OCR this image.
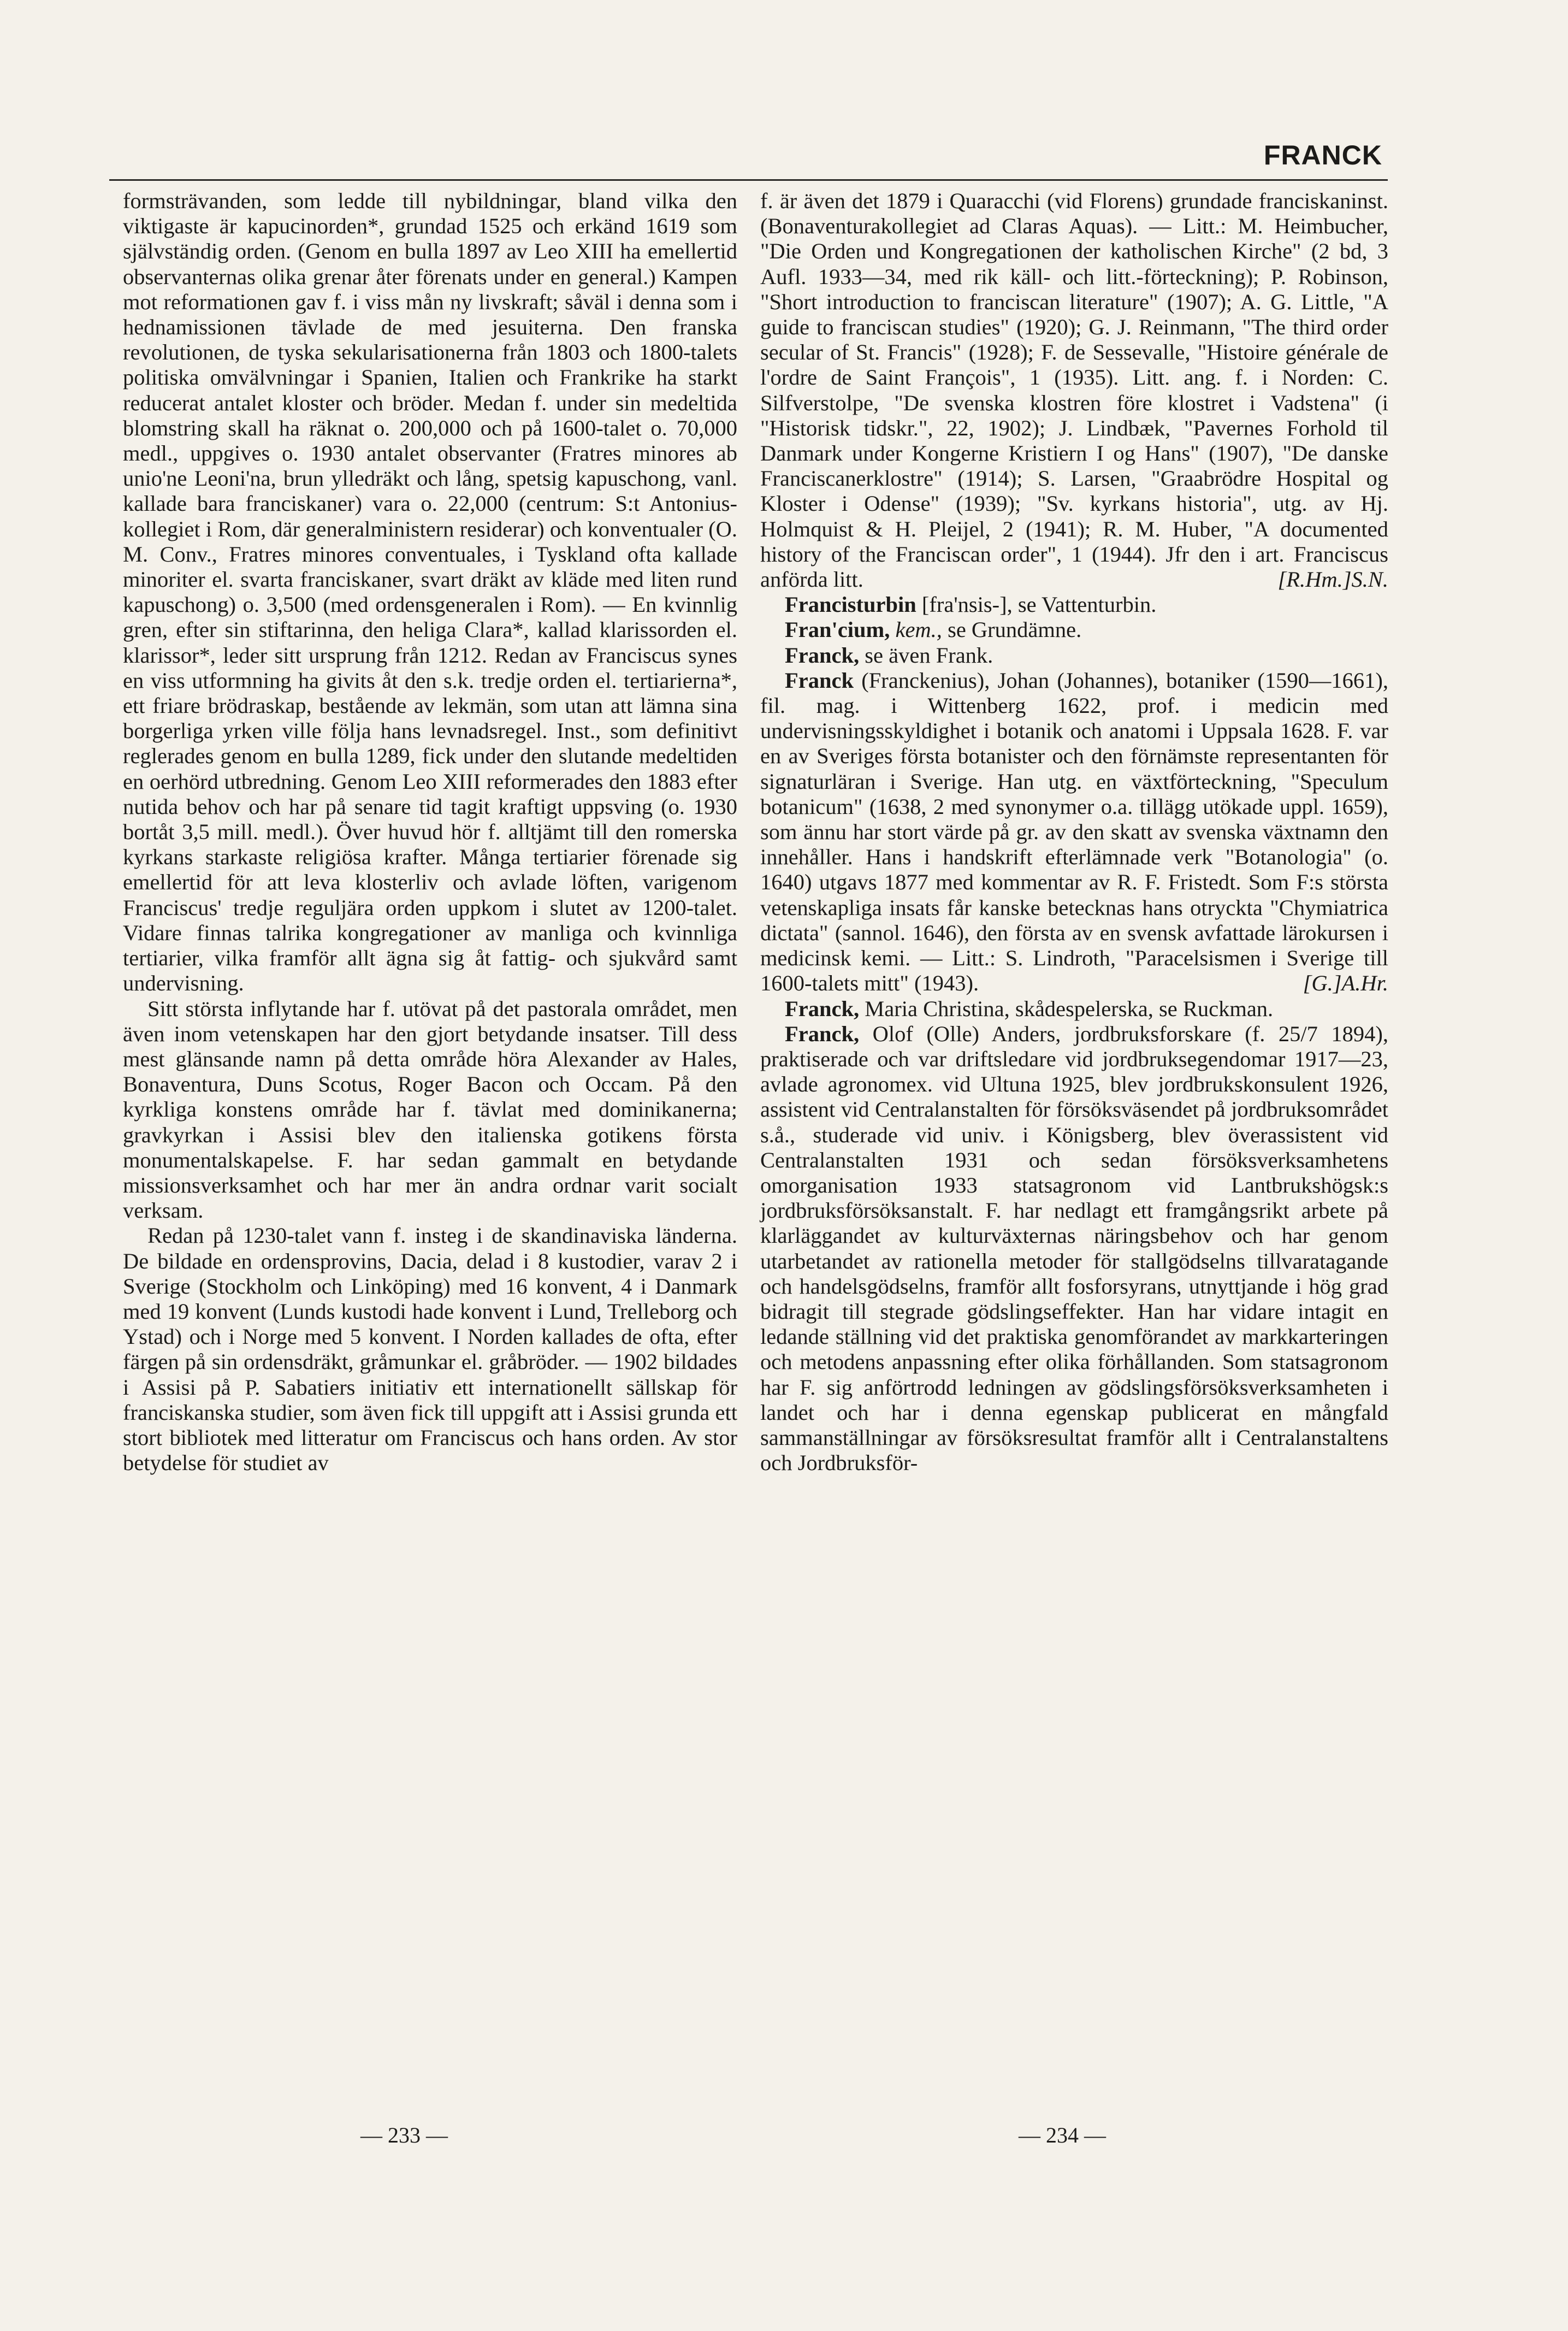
FRANCK

formsträvanden, som ledde till nybildningar, bland vilka den viktigaste är kapucinorden*, grundad 1525 och erkänd 1619 som självständig orden. (Genom en bulla 1897 av Leo XIII ha emellertid observanternas olika grenar åter förenats under en general.) Kampen mot reformationen gav f. i viss mån ny livskraft; såväl i denna som i hednamissionen tävlade de med jesuiterna. Den franska revolutionen, de tyska sekularisationerna från 1803 och 1800-talets politiska omvälvningar i Spanien, Italien och Frankrike ha starkt reducerat antalet kloster och bröder. Medan f. under sin medeltida blomstring skall ha räknat o. 200,000 och på 1600-talet o. 70,000 medl., uppgives o. 1930 antalet observanter (Fratres minores ab unio'ne Leoni'na, brun ylledräkt och lång, spetsig kapuschong, vanl. kallade bara franciskaner) vara o. 22,000 (centrum: S:t Antonius-kollegiet i Rom, där generalministern residerar) och konventualer (O. M. Conv., Fratres minores conventuales, i Tyskland ofta kallade minoriter el. svarta franciskaner, svart dräkt av kläde med liten rund kapuschong) o. 3,500 (med ordensgeneralen i Rom). — En kvinnlig gren, efter sin stiftarinna, den heliga Clara*, kallad klarissorden el. klarissor*, leder sitt ursprung från 1212. Redan av Franciscus synes en viss utformning ha givits åt den s.k. tredje orden el. tertiarierna*, ett friare brödraskap, bestående av lekmän, som utan att lämna sina borgerliga yrken ville följa hans levnadsregel. Inst., som definitivt reglerades genom en bulla 1289, fick under den slutande medeltiden en oerhörd utbredning. Genom Leo XIII reformerades den 1883 efter nutida behov och har på senare tid tagit kraftigt uppsving (o. 1930 bortåt 3,5 mill. medl.). Över huvud hör f. alltjämt till den romerska kyrkans starkaste religiösa krafter. Många tertiarier förenade sig emellertid för att leva klosterliv och avlade löften, varigenom Franciscus' tredje reguljära orden uppkom i slutet av 1200-talet. Vidare finnas talrika kongregationer av manliga och kvinnliga tertiarier, vilka framför allt ägna sig åt fattig- och sjukvård samt undervisning.

Sitt största inflytande har f. utövat på det pastorala området, men även inom vetenskapen har den gjort betydande insatser. Till dess mest glänsande namn på detta område höra Alexander av Hales, Bonaventura, Duns Scotus, Roger Bacon och Occam. På den kyrkliga konstens område har f. tävlat med dominikanerna; gravkyrkan i Assisi blev den italienska gotikens första monumentalskapelse. F. har sedan gammalt en betydande missionsverksamhet och har mer än andra ordnar varit socialt verksam.

Redan på 1230-talet vann f. insteg i de skandinaviska länderna. De bildade en ordensprovins, Dacia, delad i 8 kustodier, varav 2 i Sverige (Stockholm och Linköping) med 16 konvent, 4 i Danmark med 19 konvent (Lunds kustodi hade konvent i Lund, Trelleborg och Ystad) och i Norge med 5 konvent. I Norden kallades de ofta, efter färgen på sin ordensdräkt, gråmunkar el. gråbröder. — 1902 bildades i Assisi på P. Sabatiers initiativ ett internationellt sällskap för franciskanska studier, som även fick till uppgift att i Assisi grunda ett stort bibliotek med litteratur om Franciscus och hans orden. Av stor betydelse för studiet av

f. är även det 1879 i Quaracchi (vid Florens) grundade franciskaninst. (Bonaventurakollegiet ad Claras Aquas). — Litt.: M. Heimbucher, "Die Orden und Kongregationen der katholischen Kirche" (2 bd, 3 Aufl. 1933—34, med rik käll- och litt.-förteckning); P. Robinson, "Short introduction to franciscan literature" (1907); A. G. Little, "A guide to franciscan studies" (1920); G. J. Reinmann, "The third order secular of St. Francis" (1928); F. de Sessevalle, "Histoire générale de l'ordre de Saint François", 1 (1935). Litt. ang. f. i Norden: C. Silfverstolpe, "De svenska klostren före klostret i Vadstena" (i "Historisk tidskr.", 22, 1902); J. Lindbæk, "Pavernes Forhold til Danmark under Kongerne Kristiern I og Hans" (1907), "De danske Franciscanerklostre" (1914); S. Larsen, "Graabrödre Hospital og Kloster i Odense" (1939); "Sv. kyrkans historia", utg. av Hj. Holmquist & H. Pleijel, 2 (1941); R. M. Huber, "A documented history of the Franciscan order", 1 (1944). Jfr den i art. Franciscus anförda litt.	[R.Hm.]S.N.

Francisturbin [fra'nsis-], se Vattenturbin.

Fran'cium, kem., se Grundämne.

Franck, se även Frank.

Franck (Franckenius), Johan (Johannes), botaniker (1590—1661), fil. mag. i Wittenberg 1622, prof. i medicin med undervisningsskyldighet i botanik och anatomi i Uppsala 1628. F. var en av Sveriges första botanister och den förnämste representanten för signaturläran i Sverige. Han utg. en växtförteckning, "Speculum botanicum" (1638, 2 med synonymer o.a. tillägg utökade uppl. 1659), som ännu har stort värde på gr. av den skatt av svenska växtnamn den innehåller. Hans i handskrift efterlämnade verk "Botanologia" (o. 1640) utgavs 1877 med kommentar av R. F. Fristedt. Som F:s största vetenskapliga insats får kanske betecknas hans otryckta "Chymiatrica dictata" (sannol. 1646), den första av en svensk avfattade lärokursen i medicinsk kemi. — Litt.: S. Lindroth, "Paracelsismen i Sverige till 1600-talets mitt" (1943).	[G.]A.Hr.

Franck, Maria Christina, skådespelerska, se Ruckman.

Franck, Olof (Olle) Anders, jordbruksforskare (f. 25/7 1894), praktiserade och var driftsledare vid jordbruksegendomar 1917—23, avlade agronomex. vid Ultuna 1925, blev jordbrukskonsulent 1926, assistent vid Centralanstalten för försöksväsendet på jordbruksområdet s.å., studerade vid univ. i Königsberg, blev överassistent vid Centralanstalten 1931 och sedan försöksverksamhetens omorganisation 1933 statsagronom vid Lantbrukshögsk:s jordbruksförsöksanstalt. F. har nedlagt ett framgångsrikt arbete på klarläggandet av kulturväxternas näringsbehov och har genom utarbetandet av rationella metoder för stallgödselns tillvaratagande och handelsgödselns, framför allt fosforsyrans, utnyttjande i hög grad bidragit till stegrade gödslingseffekter. Han har vidare intagit en ledande ställning vid det praktiska genomförandet av markkarteringen och metodens anpassning efter olika förhållanden. Som statsagronom har F. sig anförtrodd ledningen av gödslingsförsöksverksamheten i landet och har i denna egenskap publicerat en mångfald sammanställningar av försöksresultat framför allt i Centralanstaltens och Jordbruksför-

— 233 —	— 234 —
